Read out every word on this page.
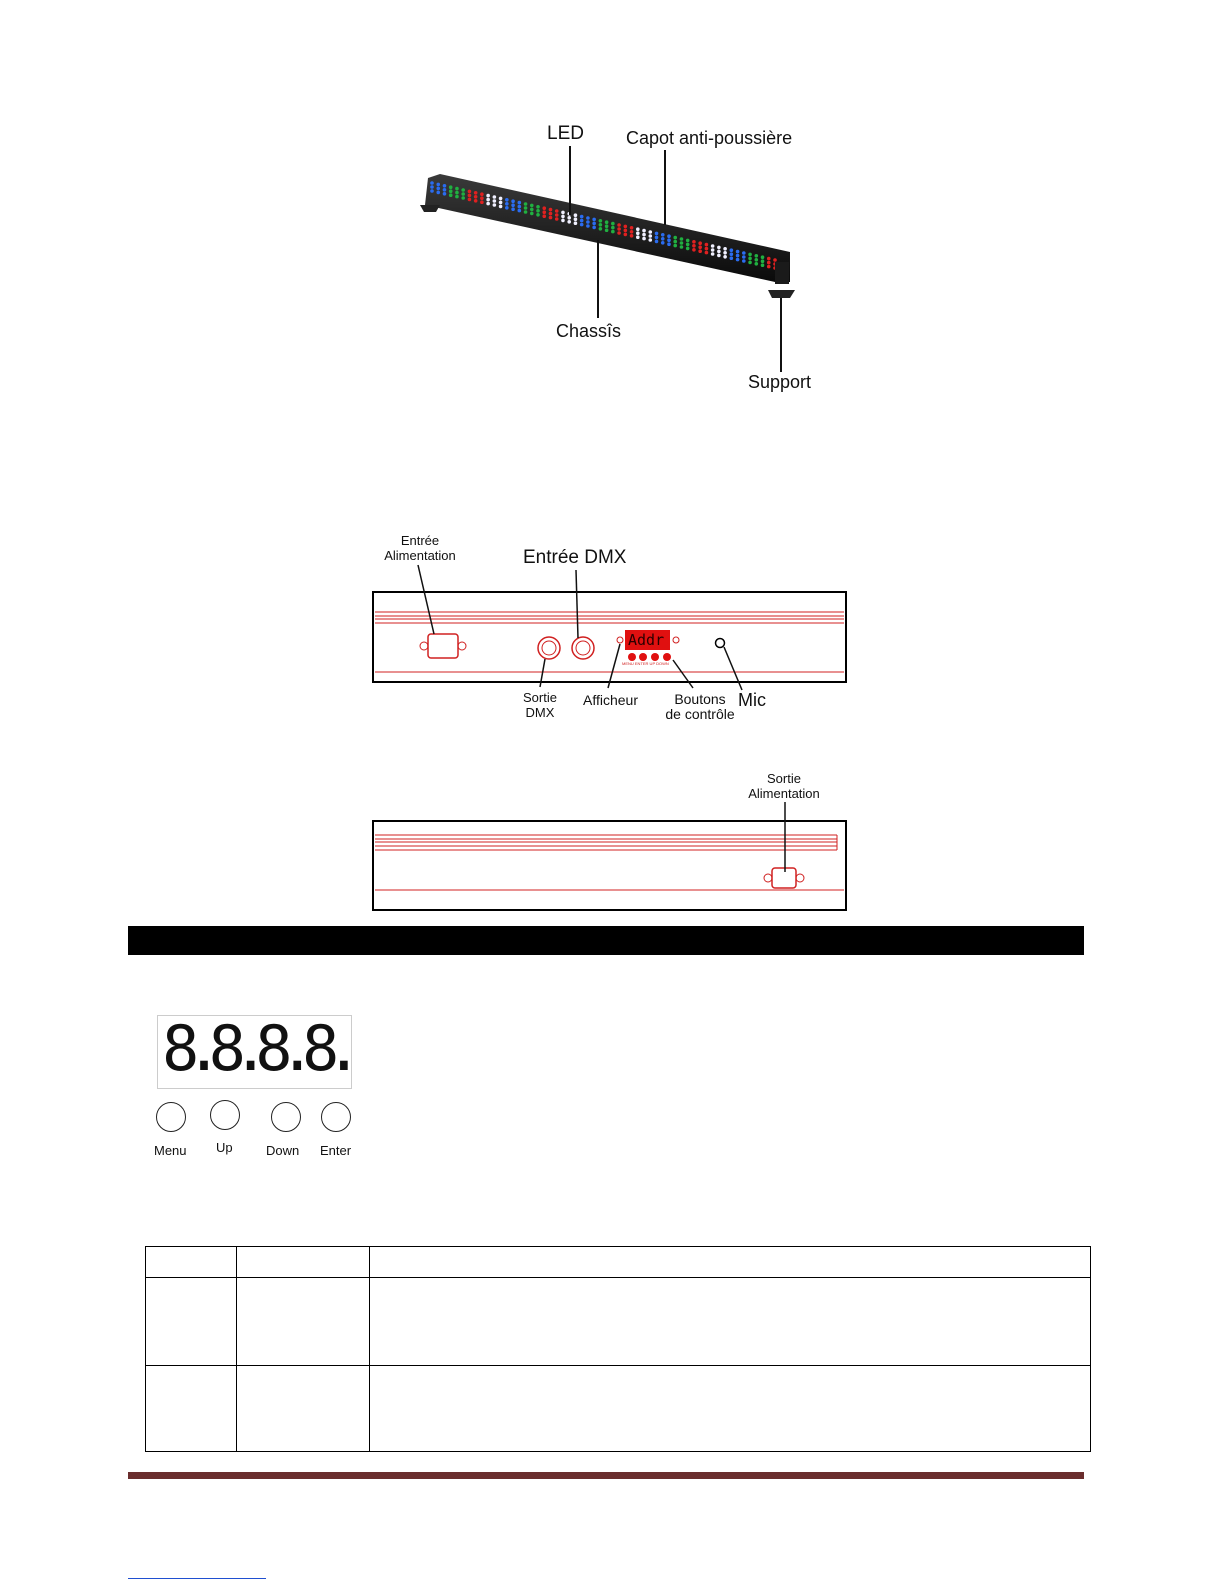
LED Capot anti-poussière
Chassîs
Support
Addr
MENU ENTER UP DOWN
Entrée
Alimentation	Entrée DMX
Sortie
DMX
Afficheur	Boutons
de contrôle
Mic
Sortie
Alimentation
8.8.8.8.
Menu Up	Down Enter
